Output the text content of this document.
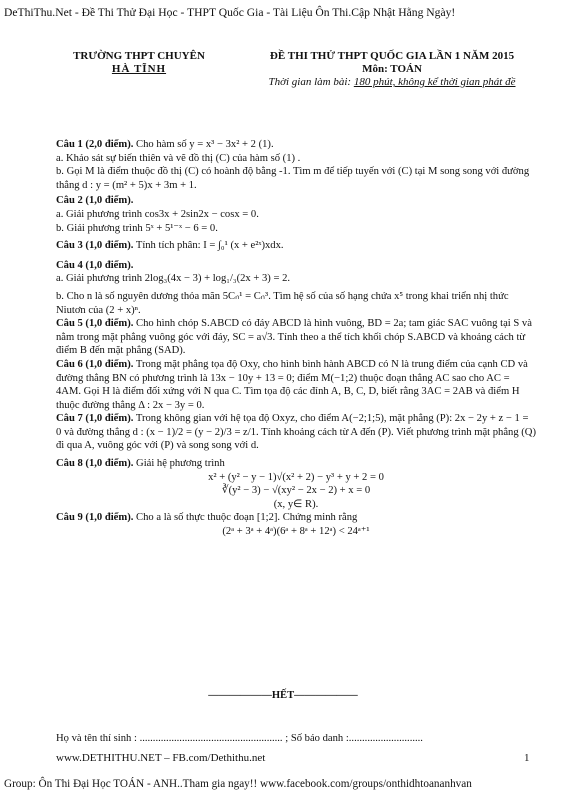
DeThiThu.Net - Đề Thi Thử Đại Học - THPT Quốc Gia - Tài Liệu Ôn Thi.Cập Nhật Hằng Ngày!
TRƯỜNG THPT CHUYÊN
HÀ TĨNH
ĐỀ THI THỬ THPT QUỐC GIA LẦN 1 NĂM 2015
Môn: TOÁN
Thời gian làm bài: 180 phút, không kể thời gian phát đề

Câu 1 (2,0 điểm). Cho hàm số y = x³ − 3x² + 2 (1).

a. Khảo sát sự biến thiên và vẽ đồ thị (C) của hàm số (1) .

b. Gọi M là điểm thuộc đồ thị (C) có hoành độ bằng -1. Tìm m để tiếp tuyến với (C) tại M song song với đường thẳng d : y = (m² + 5)x + 3m + 1.

Câu 2 (1,0 điểm).

a. Giải phương trình cos3x + 2sin2x − cosx = 0.

b. Giải phương trình 5ˣ + 5¹⁻ˣ − 6 = 0.

Câu 3 (1,0 điểm). Tính tích phân: I = ∫₀¹ (x + e²ˣ)xdx.

Câu 4 (1,0 điểm).

a. Giải phương trình 2log₃(4x − 3) + log₁/₃(2x + 3) = 2.

b. Cho n là số nguyên dương thỏa mãn 5Cₙ¹ = Cₙ³. Tìm hệ số của số hạng chứa x⁵ trong khai triển nhị thức Niutơn của (2 + x)ⁿ.

Câu 5 (1,0 điểm). Cho hình chóp S.ABCD có đáy ABCD là hình vuông, BD = 2a; tam giác SAC vuông tại S và nằm trong mặt phẳng vuông góc với đáy, SC = a√3. Tính theo a thể tích khối chóp S.ABCD và khoảng cách từ điểm B đến mặt phẳng (SAD).

Câu 6 (1,0 điểm). Trong mặt phẳng tọa độ Oxy, cho hình bình hành ABCD có N là trung điểm của cạnh CD và đường thẳng BN có phương trình là 13x − 10y + 13 = 0; điểm M(−1;2) thuộc đoạn thẳng AC sao cho AC = 4AM. Gọi H là điểm đối xứng với N qua C. Tìm tọa độ các đỉnh A, B, C, D, biết rằng 3AC = 2AB và điểm H thuộc đường thẳng Δ : 2x − 3y = 0.

Câu 7 (1,0 điểm). Trong không gian với hệ tọa độ Oxyz, cho điểm A(−2;1;5), mặt phẳng (P): 2x − 2y + z − 1 = 0 và đường thẳng d : (x − 1)/2 = (y − 2)/3 = z/1. Tính khoảng cách từ A đến (P). Viết phương trình mặt phẳng (Q) đi qua A, vuông góc với (P) và song song với d.

Câu 8 (1,0 điểm). Giải hệ phương trình

x² + (y² − y − 1)√(x² + 2) − y³ + y + 2 = 0

∛(y² − 3) − √(xy² − 2x − 2) + x = 0

(x, y∈ R).

Câu 9 (1,0 điểm). Cho a là số thực thuộc đoạn [1;2]. Chứng minh rằng

(2ᵃ + 3ᵃ + 4ᵃ)(6ᵃ + 8ᵃ + 12ᵃ) < 24ᵃ⁺¹

——————HẾT——————
Họ và tên thí sinh : ...................................................... ; Số báo danh :............................
www.DETHITHU.NET – FB.com/Dethithu.net	1
Group: Ôn Thi Đại Học TOÁN - ANH..Tham gia ngay!! www.facebook.com/groups/onthidhtoananhvan
